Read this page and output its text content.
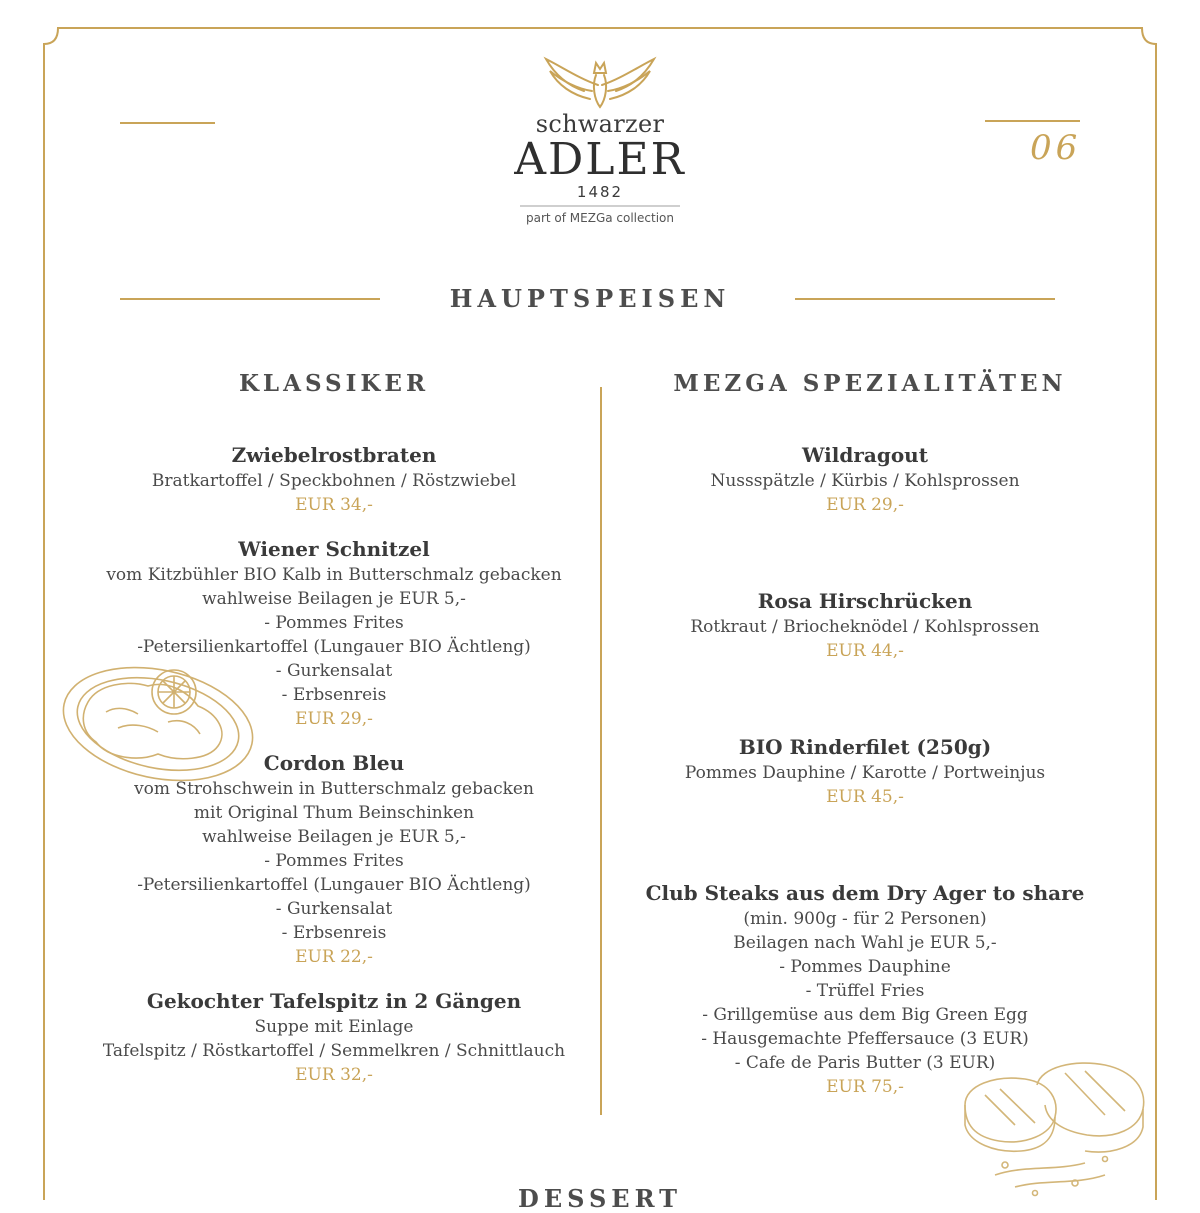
schwarzer
ADLER
1482
part of MEZGa collection
06
HAUPTSPEISEN
KLASSIKER	MEZGA SPEZIALITÄTEN
Zwiebelrostbraten
Bratkartoffel / Speckbohnen / Röstzwiebel
EUR 34,-
Wiener Schnitzel
vom Kitzbühler BIO Kalb in Butterschmalz gebacken
wahlweise Beilagen je EUR 5,-
- Pommes Frites
-Petersilienkartoffel (Lungauer BIO Ächtleng)
- Gurkensalat
- Erbsenreis
EUR 29,-
Cordon Bleu
vom Strohschwein in Butterschmalz gebacken
mit Original Thum Beinschinken
wahlweise Beilagen je EUR 5,-
- Pommes Frites
-Petersilienkartoffel (Lungauer BIO Ächtleng)
- Gurkensalat
- Erbsenreis
EUR 22,-
Gekochter Tafelspitz in 2 Gängen
Suppe mit Einlage
Tafelspitz / Röstkartoffel / Semmelkren / Schnittlauch
EUR 32,-
Wildragout
Nussspätzle / Kürbis / Kohlsprossen
EUR 29,-
Rosa Hirschrücken
Rotkraut / Briocheknödel / Kohlsprossen
EUR 44,-
BIO Rinderfilet (250g)
Pommes Dauphine / Karotte / Portweinjus
EUR 45,-
Club Steaks aus dem Dry Ager to share
(min. 900g - für 2 Personen)
Beilagen nach Wahl je EUR 5,-
- Pommes Dauphine
- Trüffel Fries
- Grillgemüse aus dem Big Green Egg
- Hausgemachte Pfeffersauce (3 EUR)
- Cafe de Paris Butter (3 EUR)
EUR 75,-
DESSERT
